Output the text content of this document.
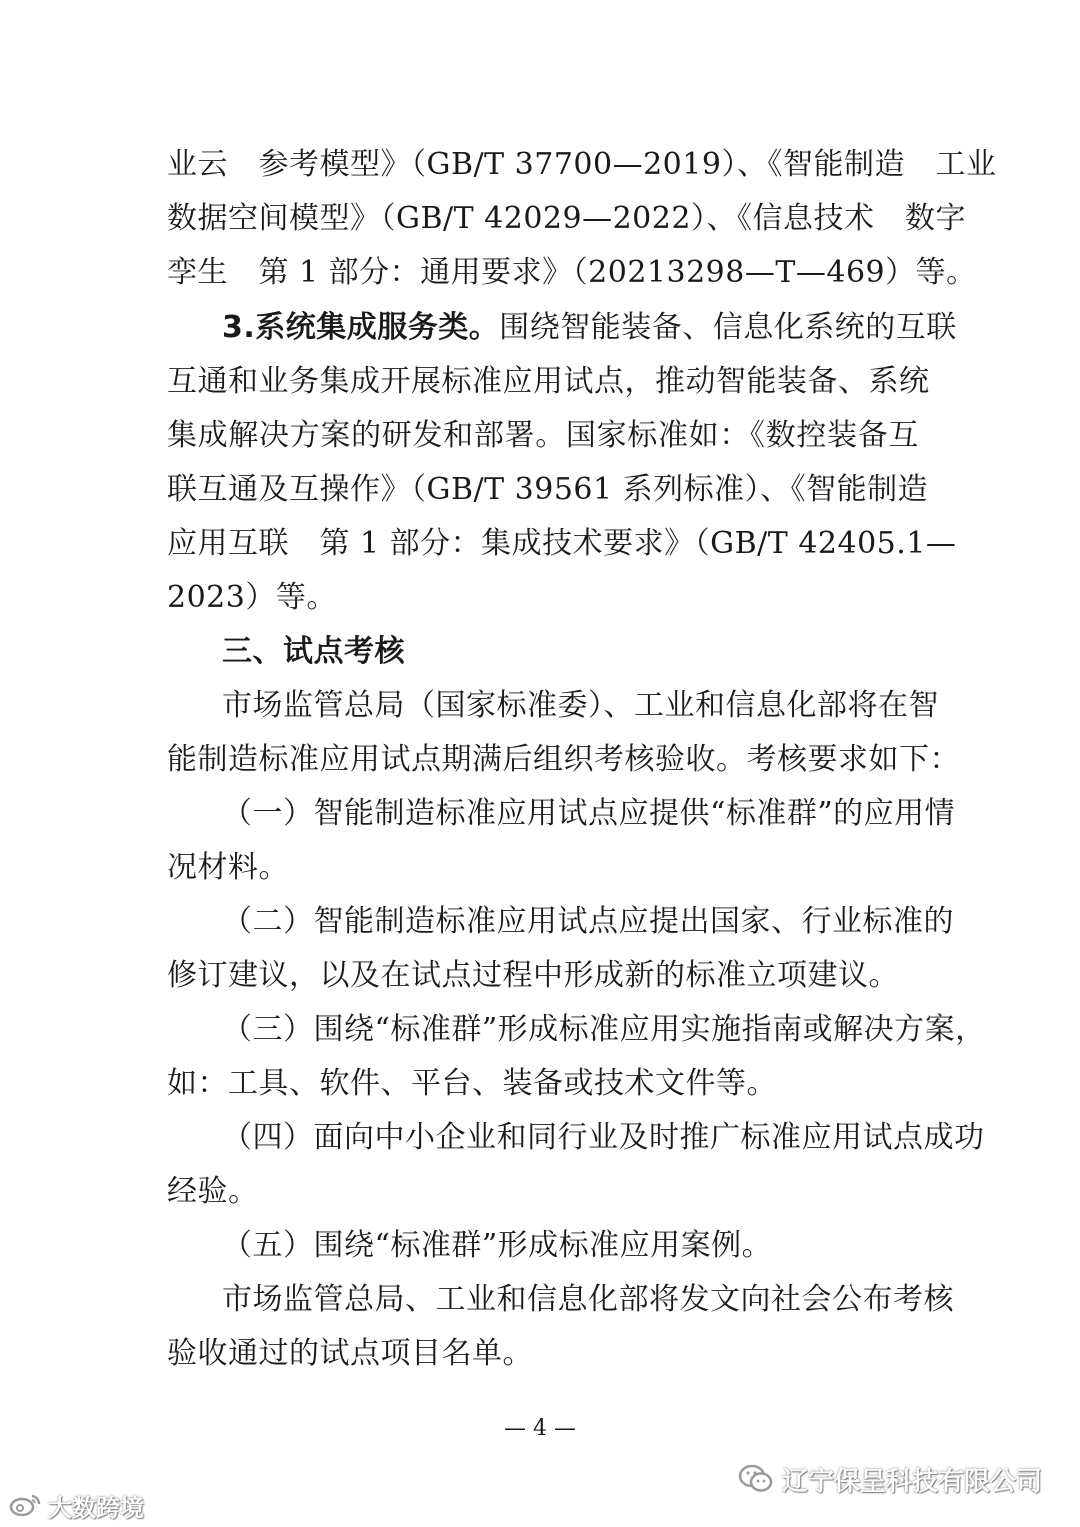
业云　参考模型》（GB/T 37700—2019）、《智能制造　工业
数据空间模型》（GB/T 42029—2022）、《信息技术　数字
孪生　第 1 部分：通用要求》（20213298—T—469）等。
3.系统集成服务类。围绕智能装备、信息化系统的互联
互通和业务集成开展标准应用试点，推动智能装备、系统
集成解决方案的研发和部署。国家标准如：《数控装备互
联互通及互操作》（GB/T 39561 系列标准）、《智能制造
应用互联　第 1 部分：集成技术要求》（GB/T 42405.1—
2023）等。
三、试点考核
市场监管总局（国家标准委）、工业和信息化部将在智
能制造标准应用试点期满后组织考核验收。考核要求如下：
（一）智能制造标准应用试点应提供“标准群”的应用情
况材料。
（二）智能制造标准应用试点应提出国家、行业标准的
修订建议，以及在试点过程中形成新的标准立项建议。
（三）围绕“标准群”形成标准应用实施指南或解决方案，
如：工具、软件、平台、装备或技术文件等。
（四）面向中小企业和同行业及时推广标准应用试点成功
经验。
（五）围绕“标准群”形成标准应用案例。
市场监管总局、工业和信息化部将发文向社会公布考核
验收通过的试点项目名单。
— 4 —
辽宁保呈科技有限公司
大数跨境
